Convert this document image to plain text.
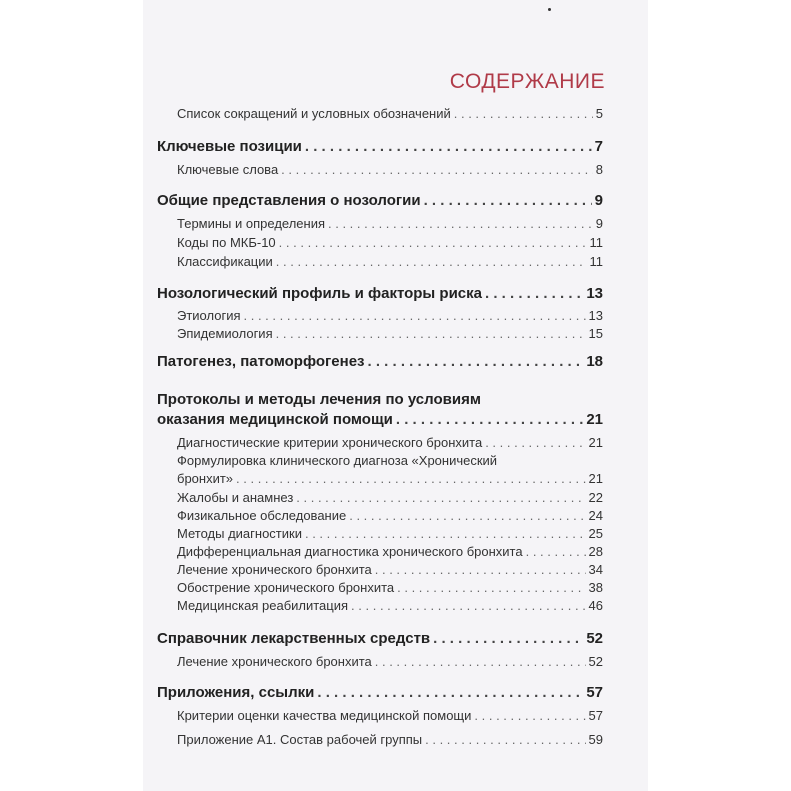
СОДЕРЖАНИЕ
Список сокращений и условных обозначений . . .	5
Ключевые позиции . . .	7
Ключевые слова . . .	8
Общие представления о нозологии . . .	9
Термины и определения . . .	9
Коды по МКБ-10 . . .	11
Классификации . . .	11
Нозологический профиль и факторы риска . . .	13
Этиология . . .	13
Эпидемиология . . .	15
Патогенез, патоморфогенез . . .	18
Протоколы и методы лечения по условиям
оказания медицинской помощи . . .	21
Диагностические критерии хронического бронхита . . .	21
Формулировка клинического диагноза «Хронический
бронхит» . . .	21
Жалобы и анамнез . . .	22
Физикальное обследование . . .	24
Методы диагностики . . .	25
Дифференциальная диагностика хронического бронхита . . .	28
Лечение хронического бронхита . . .	34
Обострение хронического бронхита . . .	38
Медицинская реабилитация . . .	46
Справочник лекарственных средств . . .	52
Лечение хронического бронхита . . .	52
Приложения, ссылки . . .	57
Критерии оценки качества медицинской помощи . . .	57
Приложение А1. Состав рабочей группы . . .	59
